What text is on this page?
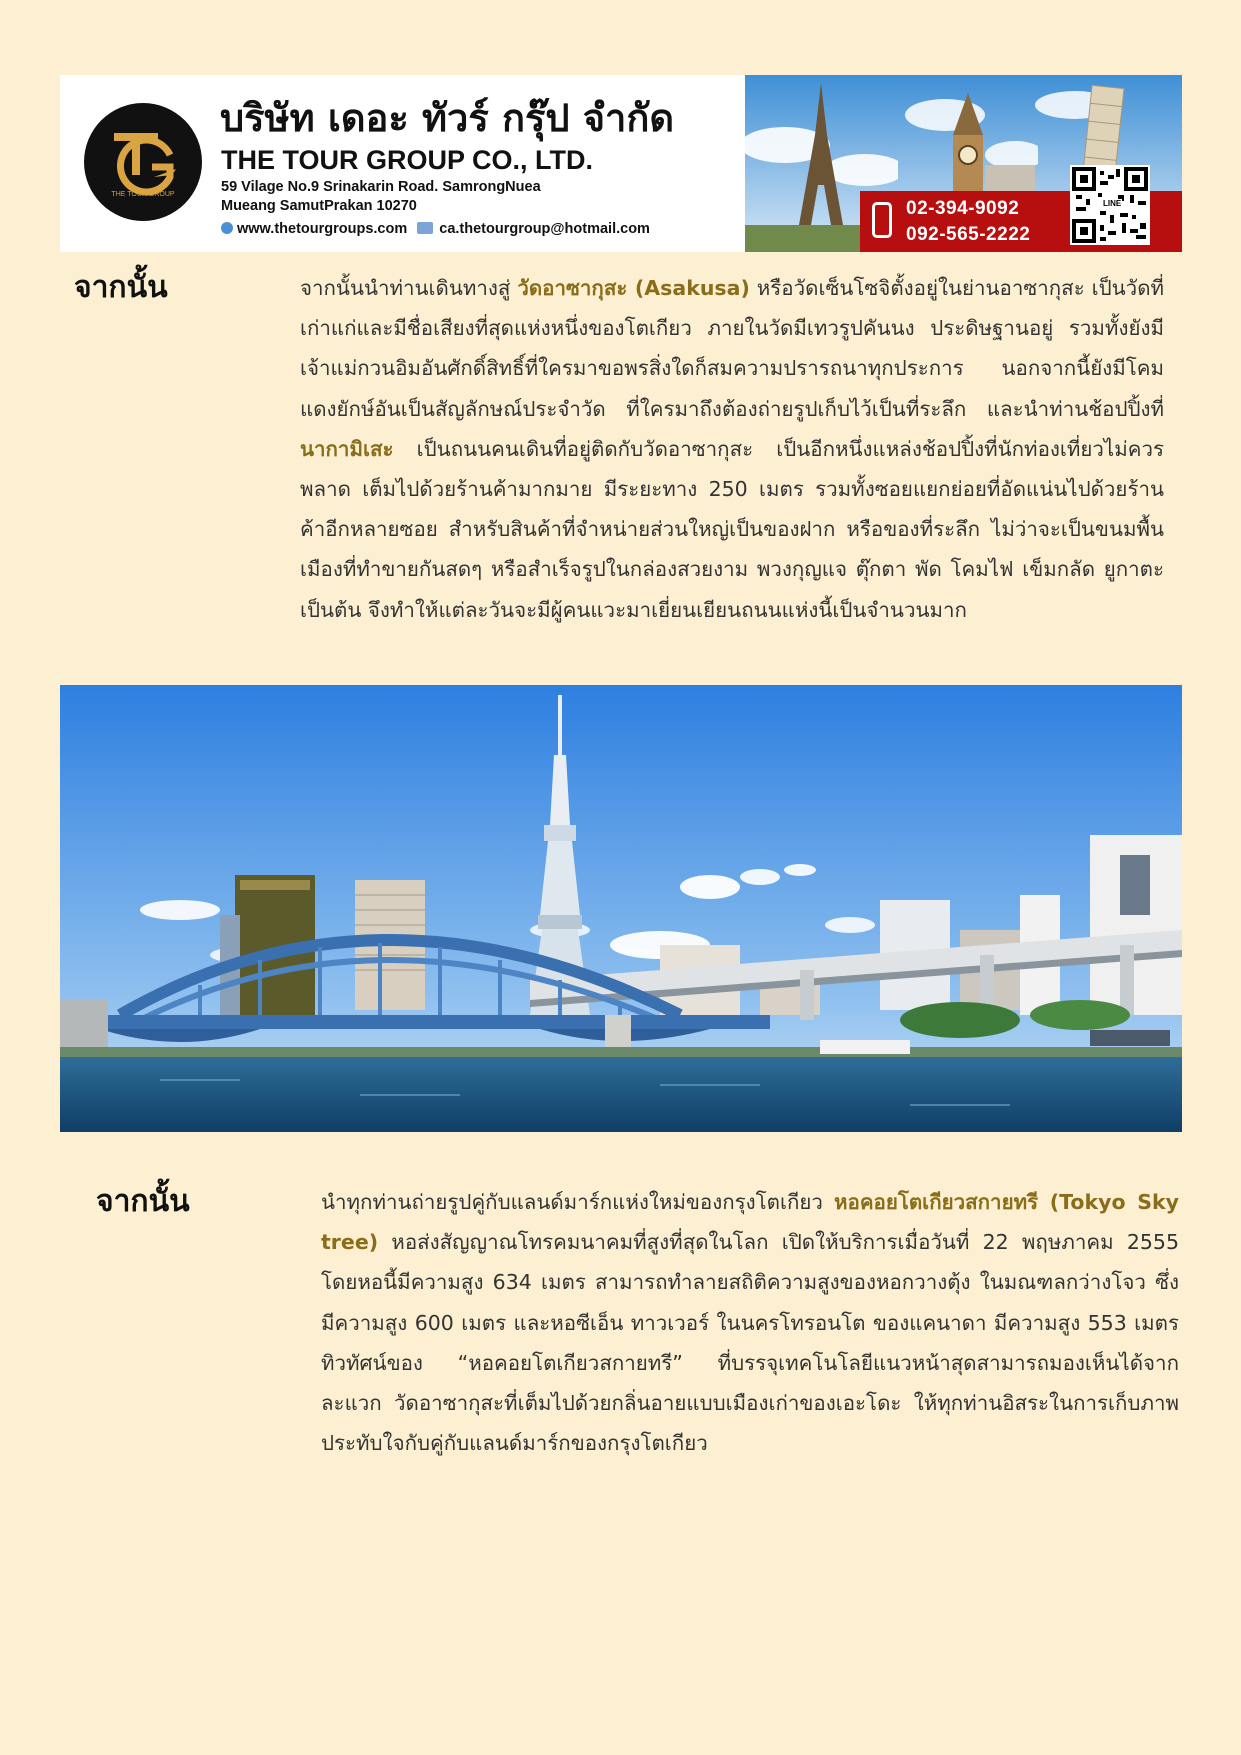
THE TOUR GROUP
บริษัท เดอะ ทัวร์ กรุ๊ป จำกัด
THE TOUR GROUP CO., LTD.
59 Vilage No.9 Srinakarin Road. SamrongNuea
Mueang SamutPrakan 10270
www.thetourgroups.com ca.thetourgroup@hotmail.com
02-394-9092
092-565-2222
LINE
จากนั้น	จากนั้นนำท่านเดินทางสู่ วัดอาซากุสะ (Asakusa) หรือวัดเซ็นโซจิตั้งอยู่ในย่านอาซากุสะ เป็นวัดที่เก่าแก่และมีชื่อเสียงที่สุดแห่งหนึ่งของโตเกียว ภายในวัดมีเทวรูปคันนง ประดิษฐานอยู่ รวมทั้งยังมีเจ้าแม่กวนอิมอันศักดิ์สิทธิ์ที่ใครมาขอพรสิ่งใดก็สมความปรารถนาทุกประการ นอกจากนี้ยังมีโคมแดงยักษ์อันเป็นสัญลักษณ์ประจำวัด ที่ใครมาถึงต้องถ่ายรูปเก็บไว้เป็นที่ระลึก และนำท่านช้อปปิ้งที่ นากามิเสะ เป็นถนนคนเดินที่อยู่ติดกับวัดอาซากุสะ เป็นอีกหนึ่งแหล่งช้อปปิ้งที่นักท่องเที่ยวไม่ควรพลาด เต็มไปด้วยร้านค้ามากมาย มีระยะทาง 250 เมตร รวมทั้งซอยแยกย่อยที่อัดแน่นไปด้วยร้านค้าอีกหลายซอย สำหรับสินค้าที่จำหน่ายส่วนใหญ่เป็นของฝาก หรือของที่ระลึก ไม่ว่าจะเป็นขนมพื้นเมืองที่ทำขายกันสดๆ หรือสำเร็จรูปในกล่องสวยงาม พวงกุญแจ ตุ๊กตา พัด โคมไฟ เข็มกลัด ยูกาตะ เป็นต้น จึงทำให้แต่ละวันจะมีผู้คนแวะมาเยี่ยนเยียนถนนแห่งนี้เป็นจำนวนมาก
จากนั้น	นำทุกท่านถ่ายรูปคู่กับแลนด์มาร์กแห่งใหม่ของกรุงโตเกียว หอคอยโตเกียวสกายทรี (Tokyo Sky tree) หอส่งสัญญาณโทรคมนาคมที่สูงที่สุดในโลก เปิดให้บริการเมื่อวันที่ 22 พฤษภาคม 2555 โดยหอนี้มีความสูง 634 เมตร สามารถทำลายสถิติความสูงของหอกวางตุ้ง ในมณฑลกว่างโจว ซึ่งมีความสูง 600 เมตร และหอซีเอ็น ทาวเวอร์ ในนครโทรอนโต ของแคนาดา มีความสูง 553 เมตร ทิวทัศน์ของ “หอคอยโตเกียวสกายทรี” ที่บรรจุเทคโนโลยีแนวหน้าสุดสามารถมองเห็นได้จากละแวก วัดอาซากุสะที่เต็มไปด้วยกลิ่นอายแบบเมืองเก่าของเอะโดะ ให้ทุกท่านอิสระในการเก็บภาพประทับใจกับคู่กับแลนด์มาร์กของกรุงโตเกียว
